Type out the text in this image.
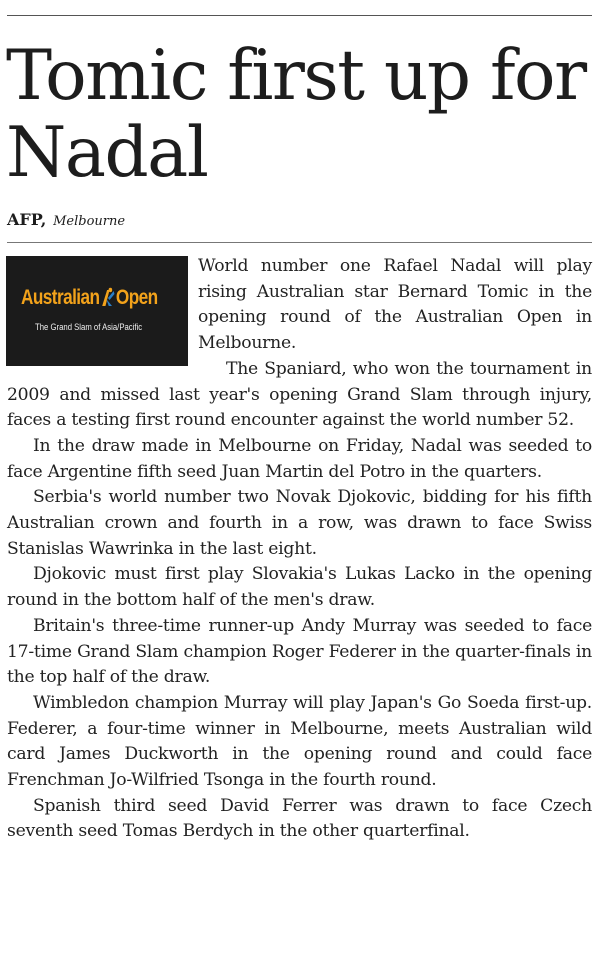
Tomic first up for Nadal
AFP, Melbourne
Australian Open
The Grand Slam of Asia/Pacific

World number one Rafael Nadal will play rising Australian star Bernard Tomic in the opening round of the Australian Open in Melbourne.

The Spaniard, who won the tournament in 2009 and missed last year's opening Grand Slam through injury, faces a testing first round encounter against the world number 52.

In the draw made in Melbourne on Friday, Nadal was seeded to face Argentine fifth seed Juan Martin del Potro in the quarters.

Serbia's world number two Novak Djokovic, bidding for his fifth Australian crown and fourth in a row, was drawn to face Swiss Stanislas Wawrinka in the last eight.

Djokovic must first play Slovakia's Lukas Lacko in the opening round in the bottom half of the men's draw.

Britain's three-time runner-up Andy Murray was seeded to face 17-time Grand Slam champion Roger Federer in the quarter-finals in the top half of the draw.

Wimbledon champion Murray will play Japan's Go Soeda first-up. Federer, a four-time winner in Melbourne, meets Australian wild card James Duckworth in the opening round and could face Frenchman Jo-Wilfried Tsonga in the fourth round.

Spanish third seed David Ferrer was drawn to face Czech seventh seed Tomas Berdych in the other quarterfinal.
